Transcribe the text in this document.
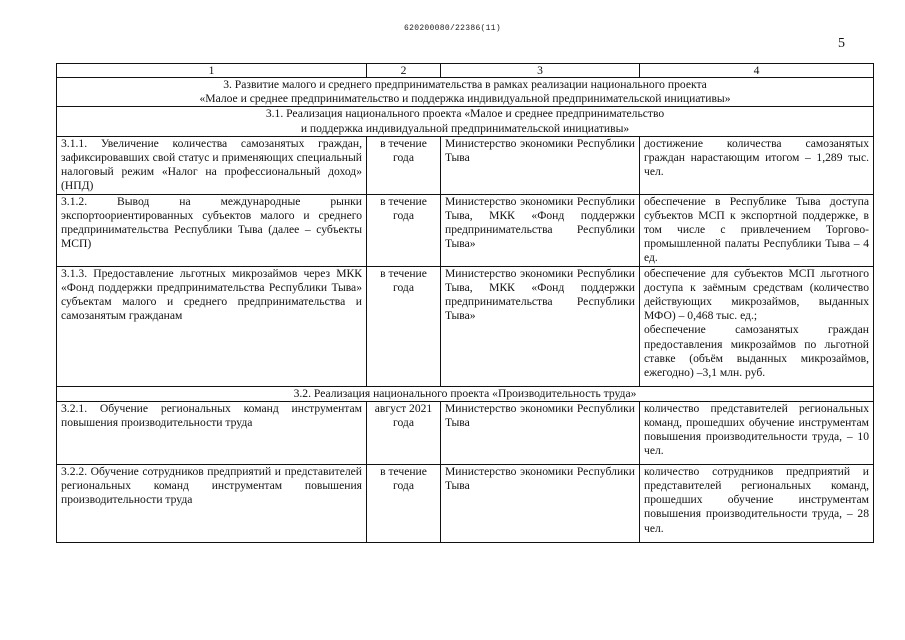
620200080/22386(11)
5
1	2	3	4

3. Развитие малого и среднего предпринимательства в рамках реализации национального проекта
«Малое и среднее предпринимательство и поддержка индивидуальной предпринимательской инициативы»			

3.1. Реализация национального проекта «Малое и среднее предпринимательство
и поддержка индивидуальной предпринимательской инициативы»			

3.1.1. Увеличение количества самозанятых граждан, зафиксировавших свой статус и применяющих специальный налоговый режим «Налог на профессиональный доход» (НПД)	в течение года	Министерство экономики Республики Тыва	достижение количества самозанятых граждан нарастающим итогом – 1,289 тыс. чел.

3.1.2. Вывод на международные рынки экспортоориентированных субъектов малого и среднего предпринимательства Республики Тыва (далее – субъекты МСП)	в течение года	Министерство экономики Республики Тыва, МКК «Фонд поддержки предпринимательства Республики Тыва»	обеспечение в Республике Тыва доступа субъектов МСП к экспортной поддержке, в том числе с привлечением Торгово-промышленной палаты Республики Тыва – 4 ед.

3.1.3. Предоставление льготных микрозаймов через МКК «Фонд поддержки предпринимательства Республики Тыва» субъектам малого и среднего предпринимательства и самозанятым гражданам	в течение года	Министерство экономики Республики Тыва, МКК «Фонд поддержки предпринимательства Республики Тыва»	обеспечение для субъектов МСП льготного доступа к заёмным средствам (количество действующих микрозаймов, выданных МФО) – 0,468 тыс. ед.;
обеспечение самозанятых граждан предоставления микрозаймов по льготной ставке (объём выданных микрозаймов, ежегодно) –3,1 млн. руб.

3.2. Реализация национального проекта «Производительность труда»			

3.2.1. Обучение региональных команд инструментам повышения производительности труда	август 2021 года	Министерство экономики Республики Тыва	количество представителей региональных команд, прошедших обучение инструментам повышения производительности труда, – 10 чел.

3.2.2. Обучение сотрудников предприятий и представителей региональных команд инструментам повышения производительности труда	в течение года	Министерство экономики Республики Тыва	количество сотрудников предприятий и представителей региональных команд, прошедших обучение инструментам повышения производительности труда, – 28 чел.
